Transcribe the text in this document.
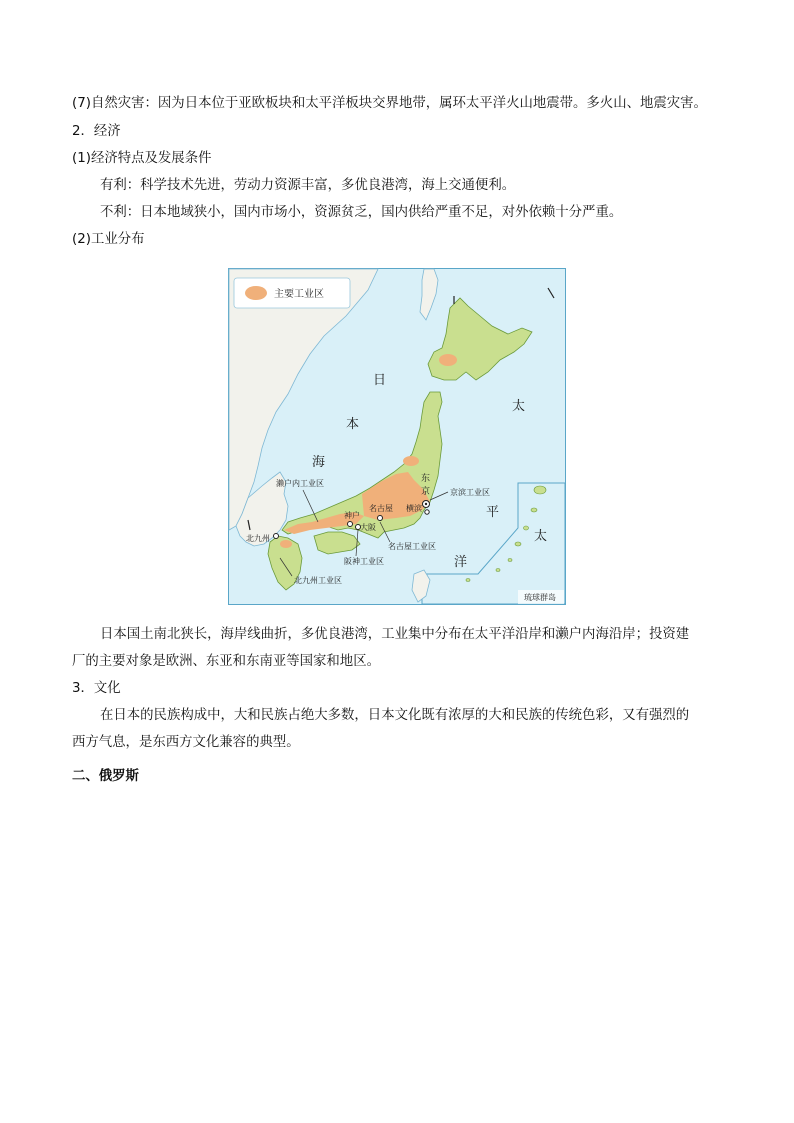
(7)自然灾害：因为日本位于亚欧板块和太平洋板块交界地带，属环太平洋火山地震带。多火山、地震灾害。
2．经济
(1)经济特点及发展条件
有利：科学技术先进，劳动力资源丰富，多优良港湾，海上交通便利。
不利：日本地域狭小，国内市场小，资源贫乏，国内供给严重不足，对外依赖十分严重。
(2)工业分布
主要工业区
日
本
海
太
平
洋
太
琉球群岛
东
京
横滨
名古屋
神户
大阪
北九州
京滨工业区
濑户内工业区
名古屋工业区
阪神工业区
北九州工业区
日本国土南北狭长，海岸线曲折，多优良港湾，工业集中分布在太平洋沿岸和濑户内海沿岸；投资建
厂的主要对象是欧洲、东亚和东南亚等国家和地区。
3．文化
在日本的民族构成中，大和民族占绝大多数，日本文化既有浓厚的大和民族的传统色彩，又有强烈的
西方气息，是东西方文化兼容的典型。
二、俄罗斯
